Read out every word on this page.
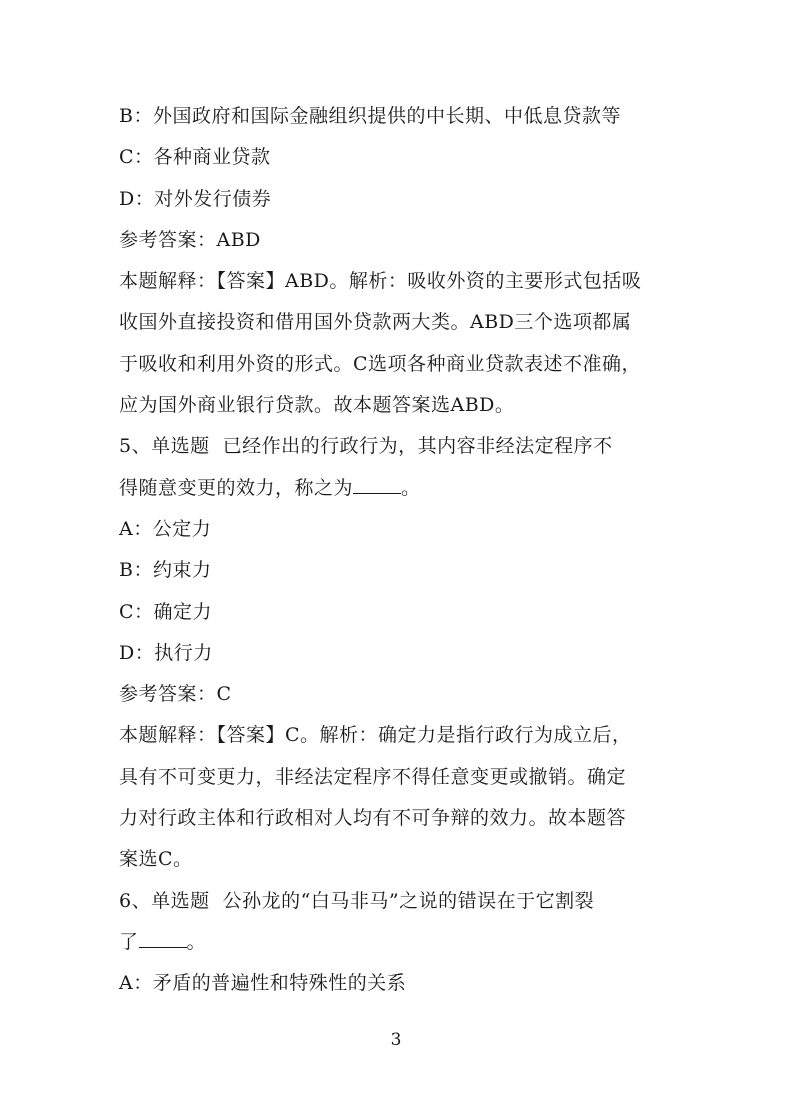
B：外国政府和国际金融组织提供的中长期、中低息贷款等
C：各种商业贷款
D：对外发行债券
参考答案：ABD
本题解释：【答案】ABD。解析：吸收外资的主要形式包括吸
收国外直接投资和借用国外贷款两大类。ABD三个选项都属
于吸收和利用外资的形式。C选项各种商业贷款表述不准确，
应为国外商业银行贷款。故本题答案选ABD。
5、单选题  已经作出的行政行为，其内容非经法定程序不
得随意变更的效力，称之为	。
A：公定力
B：约束力
C：确定力
D：执行力
参考答案：C
本题解释：【答案】C。解析：确定力是指行政行为成立后，
具有不可变更力，非经法定程序不得任意变更或撤销。确定
力对行政主体和行政相对人均有不可争辩的效力。故本题答
案选C。
6、单选题  公孙龙的“白马非马”之说的错误在于它割裂
了	。
A：矛盾的普遍性和特殊性的关系
3
